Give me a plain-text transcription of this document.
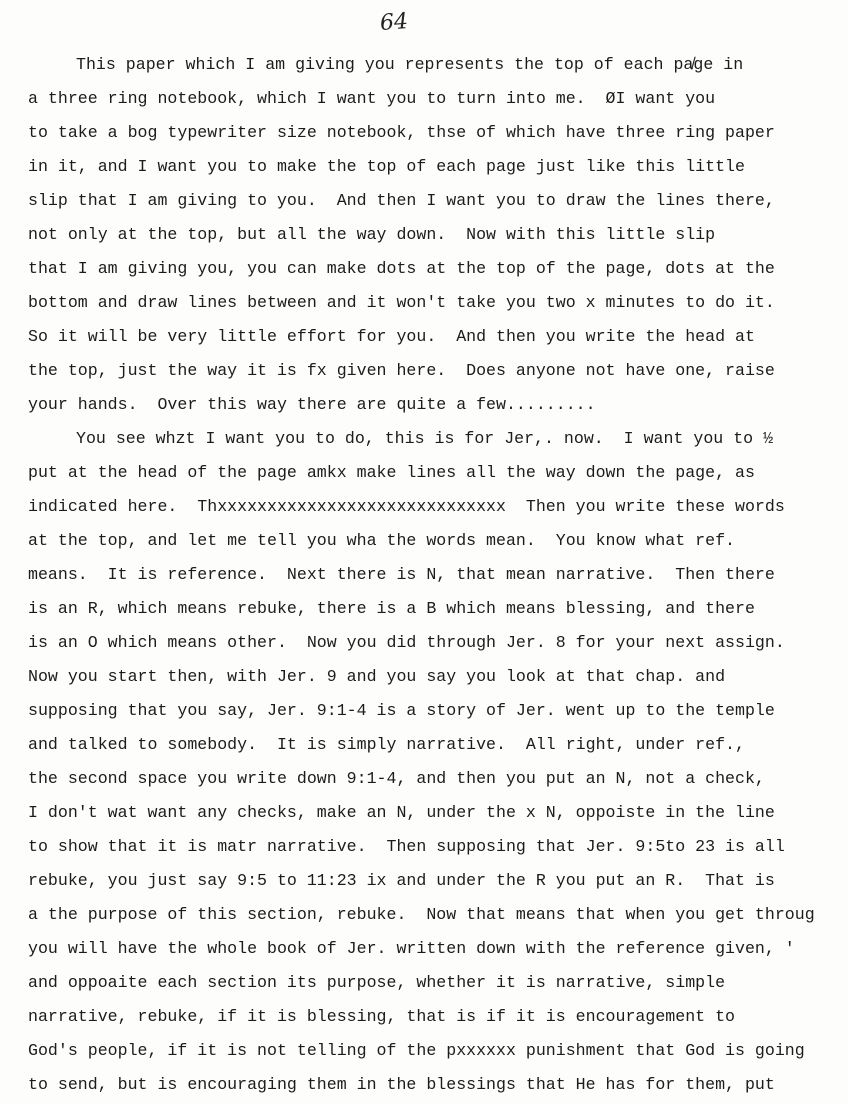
64
This paper which I am giving you represents the top of each pa̸ge in
a three ring notebook, which I want you to turn into me.  ØI want you
to take a bog typewriter size notebook, thse of which have three ring paper
in it, and I want you to make the top of each page just like this little
slip that I am giving to you.  And then I want you to draw the lines there,
not only at the top, but all the way down.  Now with this little slip
that I am giving you, you can make dots at the top of the page, dots at the
bottom and draw lines between and it won't take you two x minutes to do it.
So it will be very little effort for you.  And then you write the head at
the top, just the way it is fx given here.  Does anyone not have one, raise
your hands.  Over this way there are quite a few.........
You see whzt I want you to do, this is for Jer,. now.  I want you to ½
put at the head of the page amkx make lines all the way down the page, as
indicated here.  Thxxxxxxxxxxxxxxxxxxxxxxxxxxxxx  Then you write these words
at the top, and let me tell you wha the words mean.  You know what ref.
means.  It is reference.  Next there is N, that mean narrative.  Then there
is an R, which means rebuke, there is a B which means blessing, and there
is an O which means other.  Now you did through Jer. 8 for your next assign.
Now you start then, with Jer. 9 and you say you look at that chap. and
supposing that you say, Jer. 9:1-4 is a story of Jer. went up to the temple
and talked to somebody.  It is simply narrative.  All right, under ref.,
the second space you write down 9:1-4, and then you put an N, not a check,
I don't wat want any checks, make an N, under the x N, oppoiste in the line
to show that it is matr narrative.  Then supposing that Jer. 9:5to 23 is all
rebuke, you just say 9:5 to 11:23 ix and under the R you put an R.  That is
a the purpose of this section, rebuke.  Now that means that when you get throug
you will have the whole book of Jer. written down with the reference given, '
and oppoaite each section its purpose, whether it is narrative, simple
narrative, rebuke, if it is blessing, that is if it is encouragement to
God's people, if it is not telling of the pxxxxxx punishment that God is going
to send, but is encouraging them in the blessings that He has for them, put
